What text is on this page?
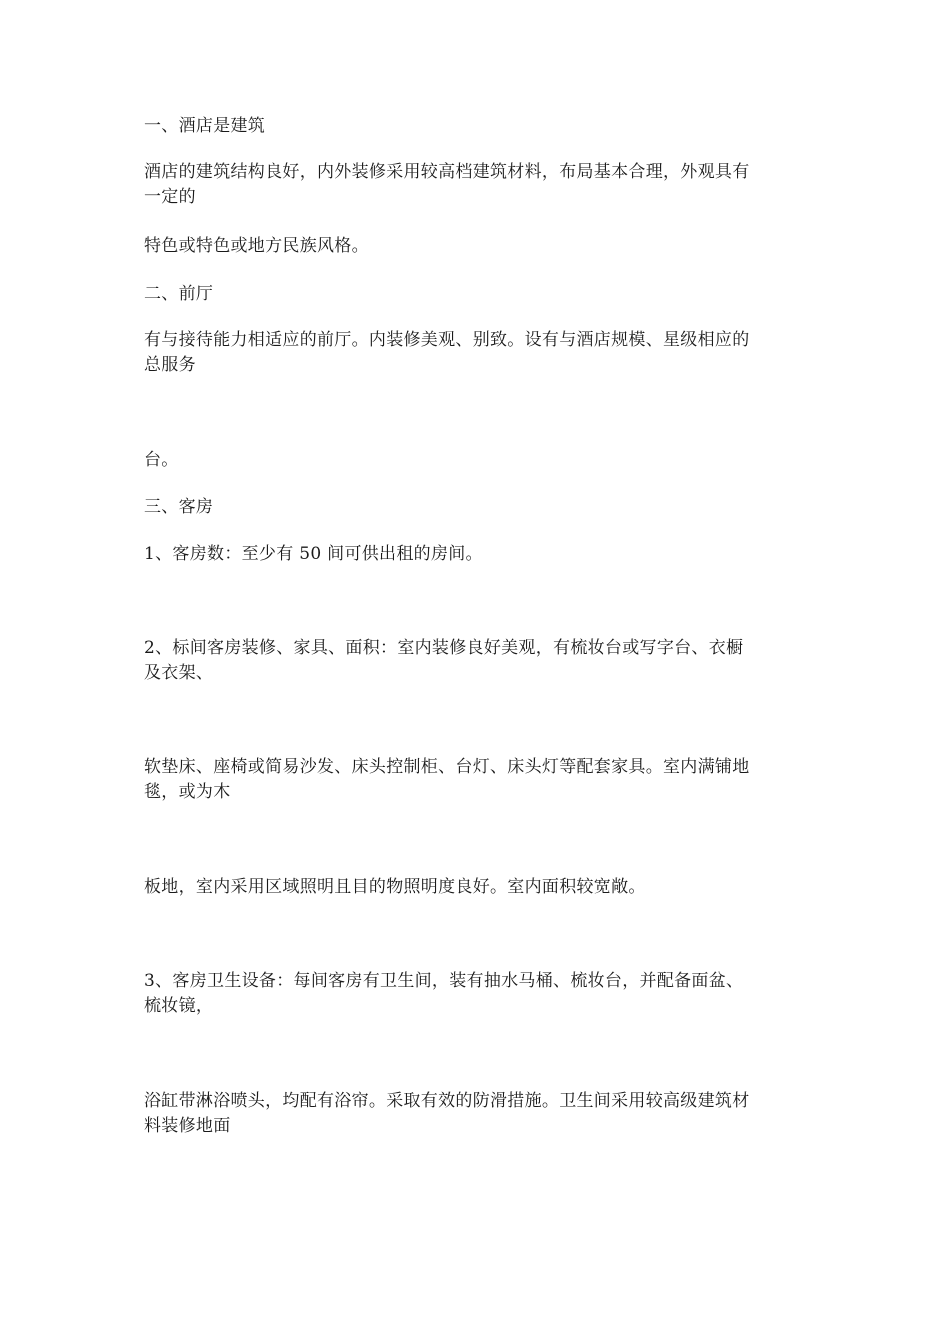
一、酒店是建筑

酒店的建筑结构良好，内外装修采用较高档建筑材料，布局基本合理，外观具有
一定的

特色或特色或地方民族风格。

二、前厅

有与接待能力相适应的前厅。内装修美观、别致。设有与酒店规模、星级相应的
总服务

台。

三、客房

1、客房数：至少有 50 间可供出租的房间。

2、标间客房装修、家具、面积：室内装修良好美观，有梳妆台或写字台、衣橱
及衣架、

软垫床、座椅或简易沙发、床头控制柜、台灯、床头灯等配套家具。室内满铺地
毯，或为木

板地，室内采用区域照明且目的物照明度良好。室内面积较宽敞。

3、客房卫生设备：每间客房有卫生间，装有抽水马桶、梳妆台，并配备面盆、
梳妆镜，

浴缸带淋浴喷头，均配有浴帘。采取有效的防滑措施。卫生间采用较高级建筑材
料装修地面
